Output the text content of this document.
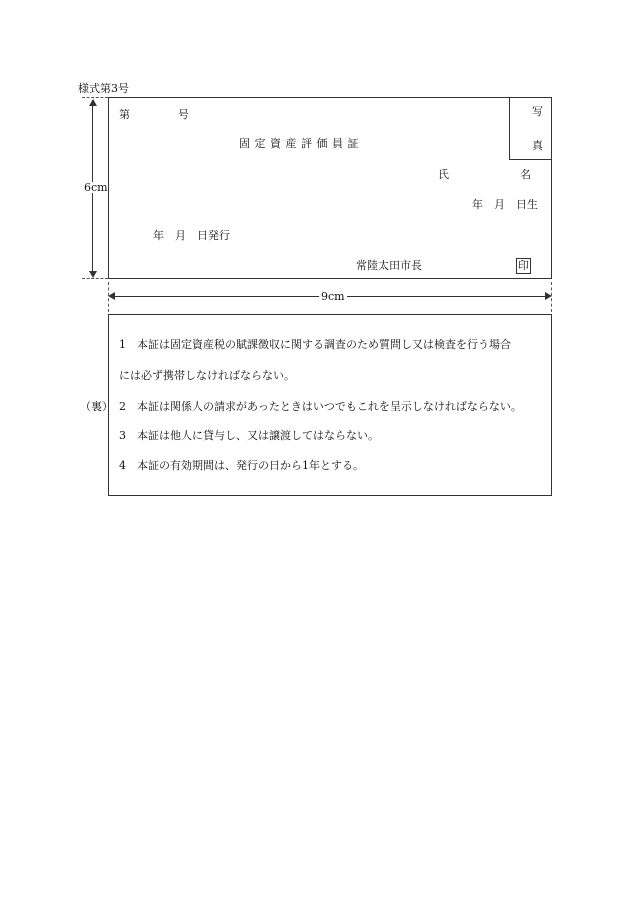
様式第3号
6cm
写
真
第	号
固 定 資 産 評 価 員 証
氏	名
年　月　日生
年　月　日発行
常陸太田市長	印
9cm
（裏）
1　本証は固定資産税の賦課徴収に関する調査のため質問し又は検査を行う場合
には必ず携帯しなければならない。
2　本証は関係人の請求があったときはいつでもこれを呈示しなければならない。
3　本証は他人に貸与し、又は譲渡してはならない。
4　本証の有効期間は、発行の日から1年とする。
